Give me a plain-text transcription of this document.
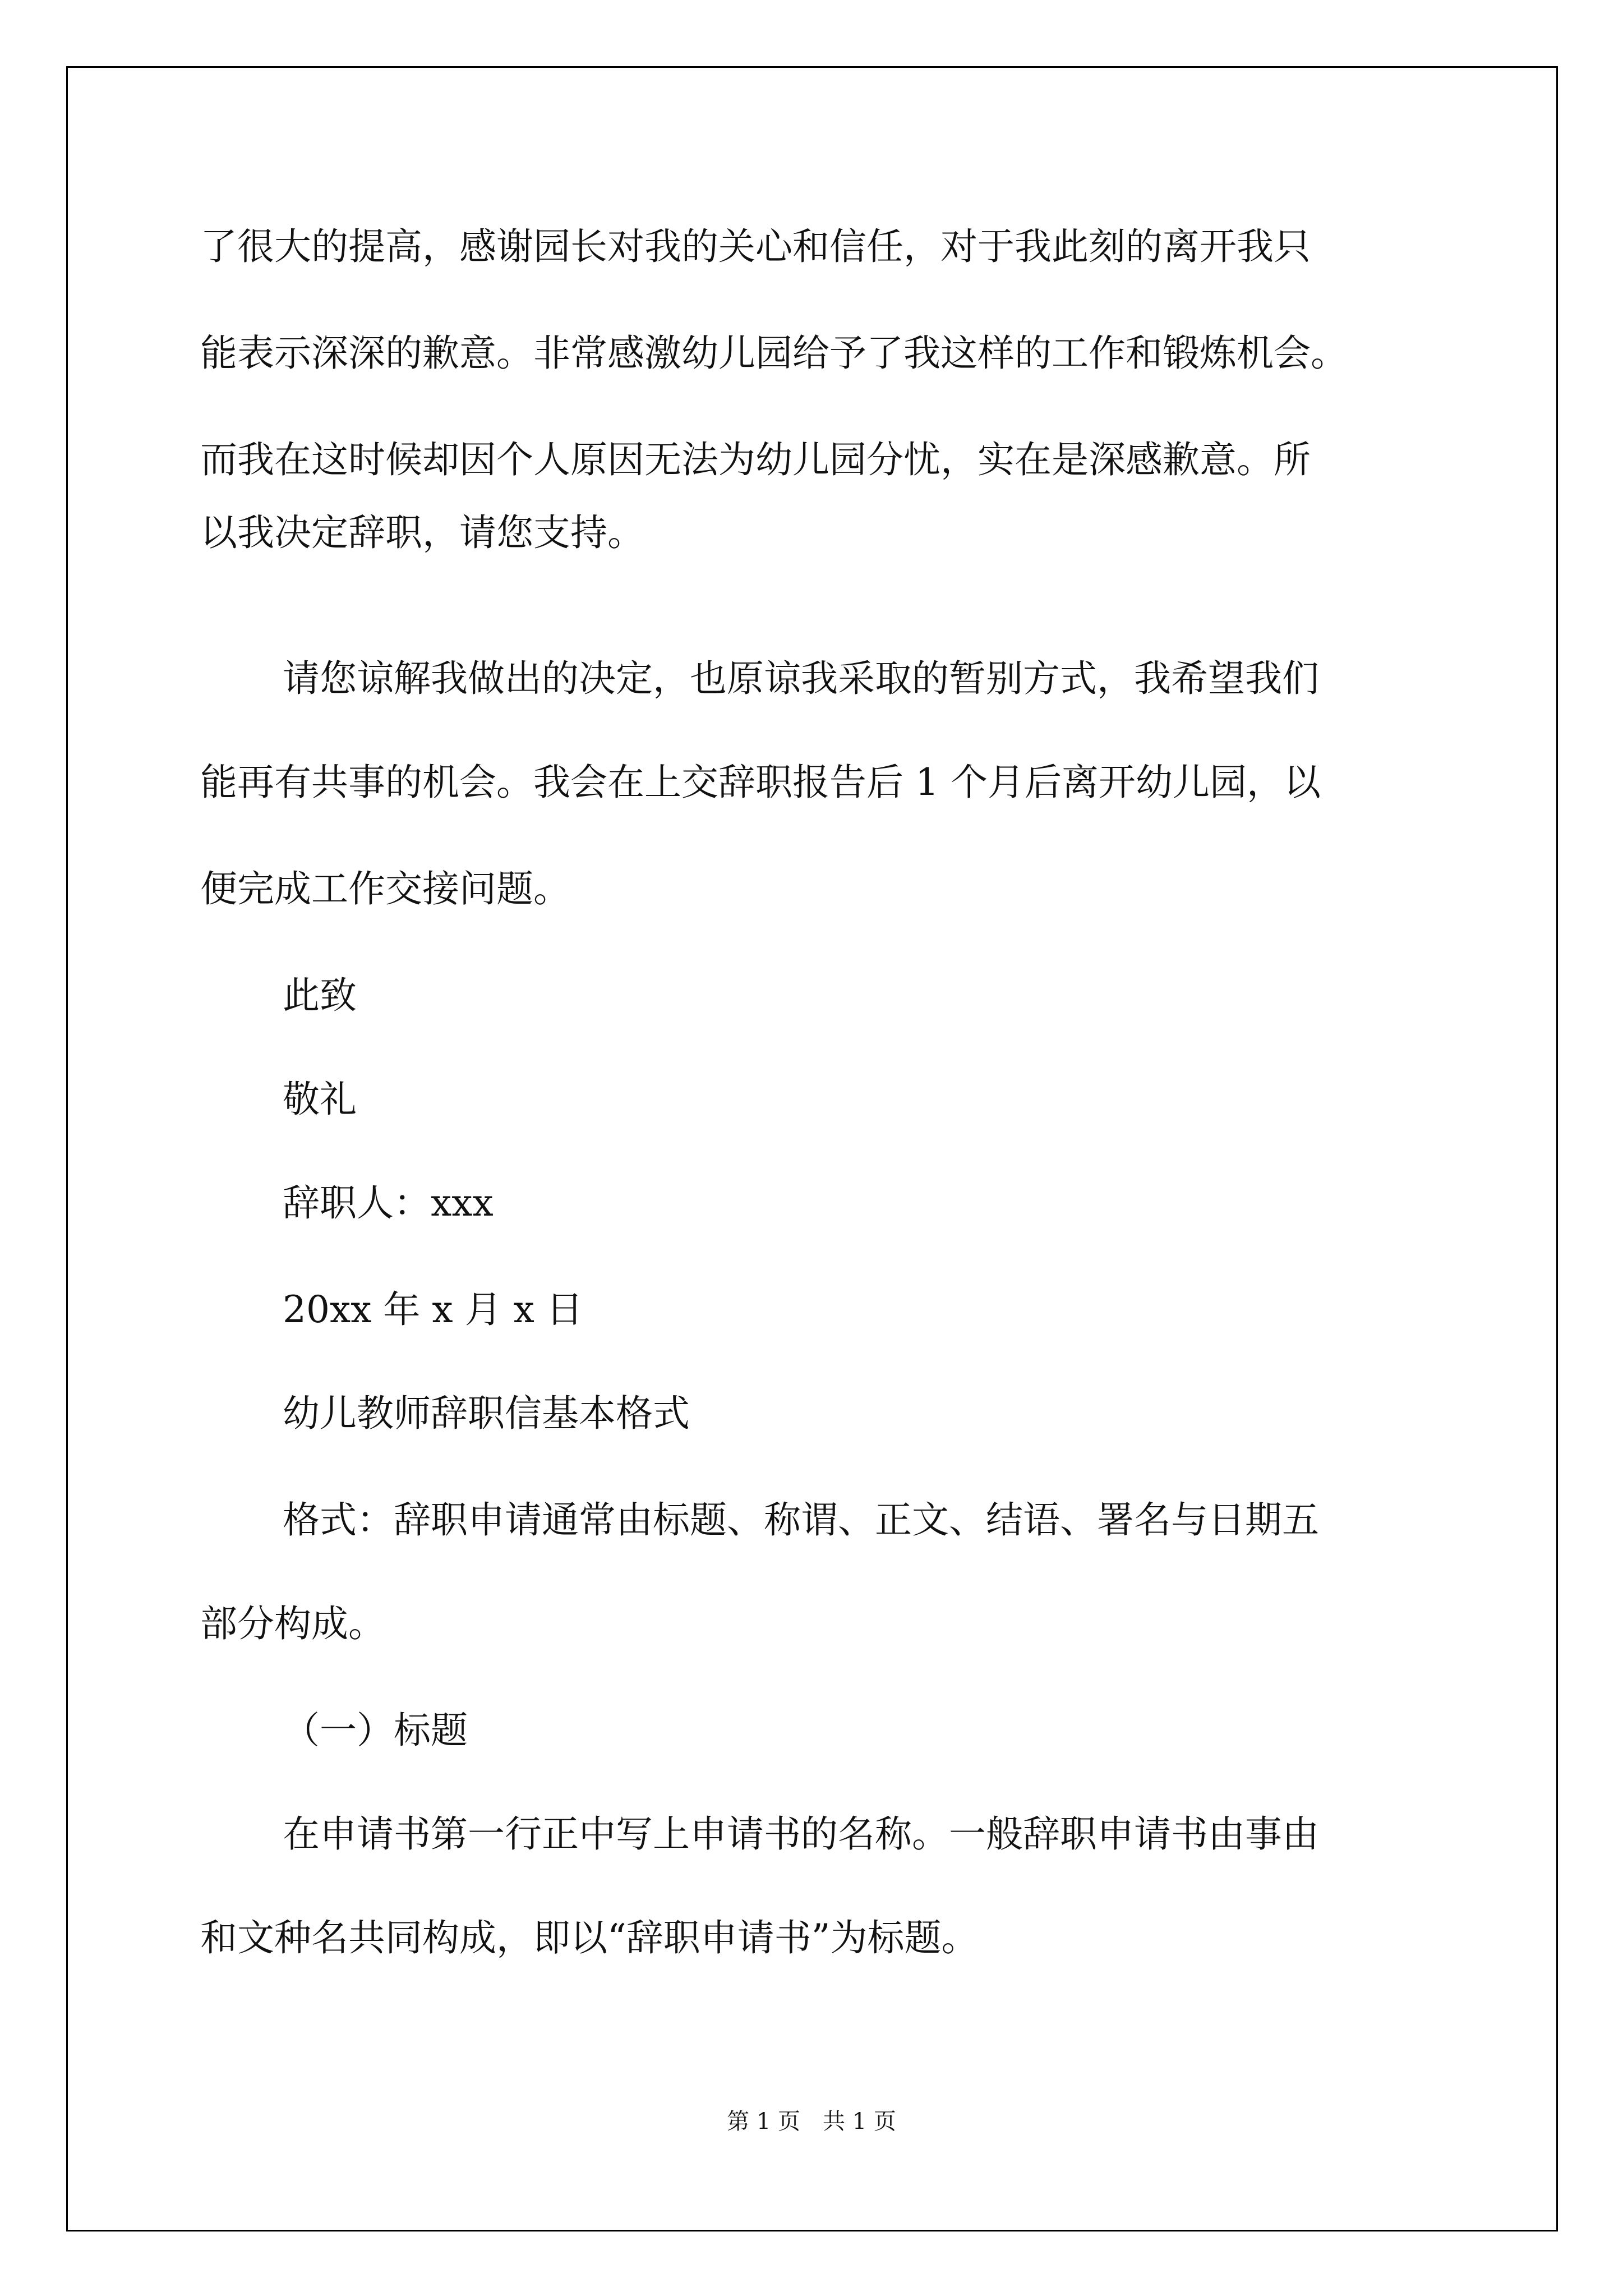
了很大的提高，感谢园长对我的关心和信任，对于我此刻的离开我只

能表示深深的歉意。非常感激幼儿园给予了我这样的工作和锻炼机会。

而我在这时候却因个人原因无法为幼儿园分忧，实在是深感歉意。所

以我决定辞职，请您支持。

请您谅解我做出的决定，也原谅我采取的暂别方式，我希望我们

能再有共事的机会。我会在上交辞职报告后 1 个月后离开幼儿园，以

便完成工作交接问题。

此致

敬礼

辞职人：xxx

20xx 年 x 月 x 日

幼儿教师辞职信基本格式

格式：辞职申请通常由标题、称谓、正文、结语、署名与日期五

部分构成。

（一）标题

在申请书第一行正中写上申请书的名称。一般辞职申请书由事由

和文种名共同构成，即以“辞职申请书”为标题。

第 1 页　共 1 页
